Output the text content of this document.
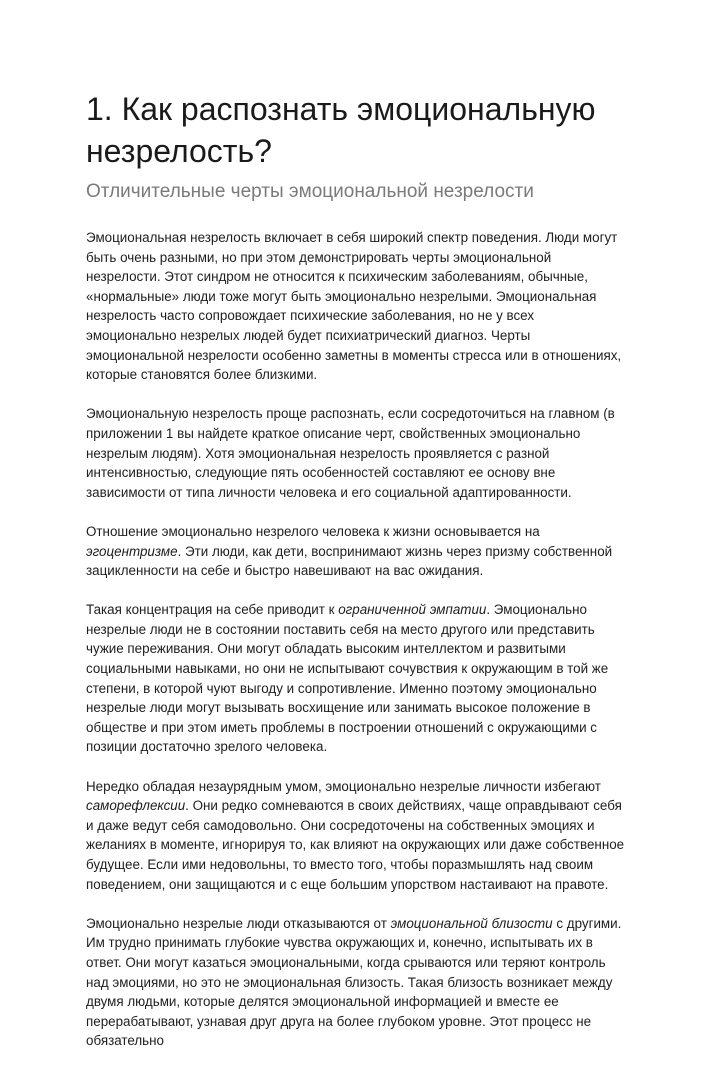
1. Как распознать эмоциональную незрелость?
Отличительные черты эмоциональной незрелости

Эмоциональная незрелость включает в себя широкий спектр поведения. Люди могут быть очень разными, но при этом демонстрировать черты эмоциональной незрелости. Этот синдром не относится к психическим заболеваниям, обычные, «нормальные» люди тоже могут быть эмоционально незрелыми. Эмоциональная незрелость часто сопровождает психические заболевания, но не у всех эмоционально незрелых людей будет психиатрический диагноз. Черты эмоциональной незрелости особенно заметны в моменты стресса или в отношениях, которые становятся более близкими.

Эмоциональную незрелость проще распознать, если сосредоточиться на главном (в приложении 1 вы найдете краткое описание черт, свойственных эмоционально незрелым людям). Хотя эмоциональная незрелость проявляется с разной интенсивностью, следующие пять особенностей составляют ее основу вне зависимости от типа личности человека и его социальной адаптированности.

Отношение эмоционально незрелого человека к жизни основывается на эгоцентризме. Эти люди, как дети, воспринимают жизнь через призму собственной зацикленности на себе и быстро навешивают на вас ожидания.

Такая концентрация на себе приводит к ограниченной эмпатии. Эмоционально незрелые люди не в состоянии поставить себя на место другого или представить чужие переживания. Они могут обладать высоким интеллектом и развитыми социальными навыками, но они не испытывают сочувствия к окружающим в той же степени, в которой чуют выгоду и сопротивление. Именно поэтому эмоционально незрелые люди могут вызывать восхищение или занимать высокое положение в обществе и при этом иметь проблемы в построении отношений с окружающими с позиции достаточно зрелого человека.

Нередко обладая незаурядным умом, эмоционально незрелые личности избегают саморефлексии. Они редко сомневаются в своих действиях, чаще оправдывают себя и даже ведут себя самодовольно. Они сосредоточены на собственных эмоциях и желаниях в моменте, игнорируя то, как влияют на окружающих или даже собственное будущее. Если ими недовольны, то вместо того, чтобы поразмышлять над своим поведением, они защищаются и с еще большим упорством настаивают на правоте.

Эмоционально незрелые люди отказываются от эмоциональной близости с другими. Им трудно принимать глубокие чувства окружающих и, конечно, испытывать их в ответ. Они могут казаться эмоциональными, когда срываются или теряют контроль над эмоциями, но это не эмоциональная близость. Такая близость возникает между двумя людьми, которые делятся эмоциональной информацией и вместе ее перерабатывают, узнавая друг друга на более глубоком уровне. Этот процесс не обязательно
